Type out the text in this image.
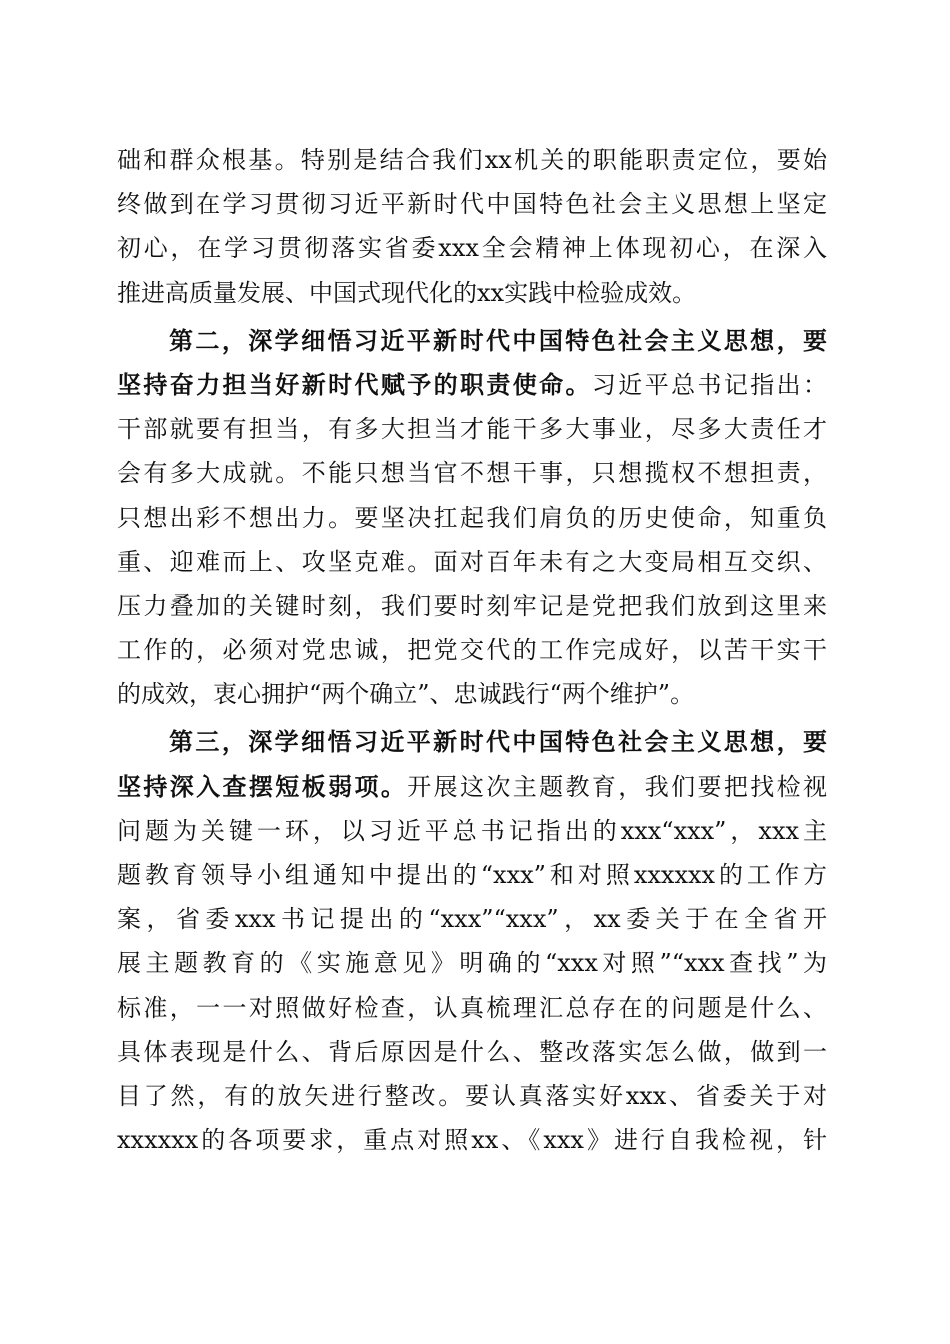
础和群众根基。特别是结合我们xx机关的职能职责定位，要始
终做到在学习贯彻习近平新时代中国特色社会主义思想上坚定
初心，在学习贯彻落实省委xxx全会精神上体现初心，在深入
推进高质量发展、中国式现代化的xx实践中检验成效。
第二，深学细悟习近平新时代中国特色社会主义思想，要
坚持奋力担当好新时代赋予的职责使命。习近平总书记指出：
干部就要有担当，有多大担当才能干多大事业，尽多大责任才
会有多大成就。不能只想当官不想干事，只想揽权不想担责，
只想出彩不想出力。要坚决扛起我们肩负的历史使命，知重负
重、迎难而上、攻坚克难。面对百年未有之大变局相互交织、
压力叠加的关键时刻，我们要时刻牢记是党把我们放到这里来
工作的，必须对党忠诚，把党交代的工作完成好，以苦干实干
的成效，衷心拥护“两个确立”、忠诚践行“两个维护”。
第三，深学细悟习近平新时代中国特色社会主义思想，要
坚持深入查摆短板弱项。开展这次主题教育，我们要把找检视
问题为关键一环，以习近平总书记指出的xxx“xxx”，xxx主
题教育领导小组通知中提出的“xxx”和对照xxxxxx的工作方
案，省委xxx书记提出的“xxx”“xxx”，xx委关于在全省开
展主题教育的《实施意见》明确的“xxx对照”“xxx查找”为
标准，一一对照做好检查，认真梳理汇总存在的问题是什么、
具体表现是什么、背后原因是什么、整改落实怎么做，做到一
目了然，有的放矢进行整改。要认真落实好xxx、省委关于对
xxxxxx的各项要求，重点对照xx、《xxx》进行自我检视，针
